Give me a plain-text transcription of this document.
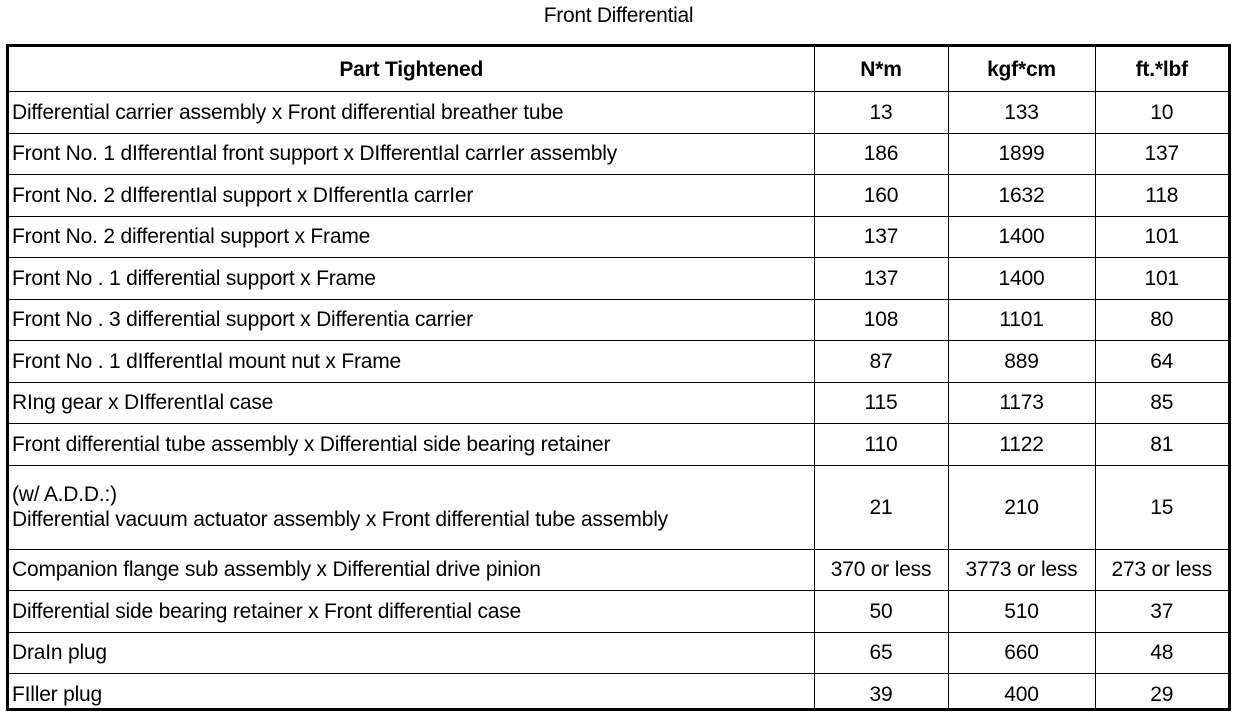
Front Differential
Part Tightened	N*m	kgf*cm	ft.*lbf

Differential carrier assembly x Front differential breather tube	13	133	10

Front No. 1 dIfferentIal front support x DIfferentIal carrIer assembly	186	1899	137

Front No. 2 dIfferentIal support x DIfferentIa carrIer	160	1632	118

Front No. 2 differential support x Frame	137	1400	101

Front No . 1 differential support x Frame	137	1400	101

Front No . 3 differential support x Differentia carrier	108	1101	80

Front No . 1 dIfferentIal mount nut x Frame	87	889	64

RIng gear x DIfferentIal case	115	1173	85

Front differential tube assembly x Differential side bearing retainer	110	1122	81

(w/ A.D.D.:)
Differential vacuum actuator assembly x Front differential tube assembly	21	210	15

Companion flange sub assembly x Differential drive pinion	370 or less	3773 or less	273 or less

Differential side bearing retainer x Front differential case	50	510	37

DraIn plug	65	660	48

FIller plug	39	400	29
